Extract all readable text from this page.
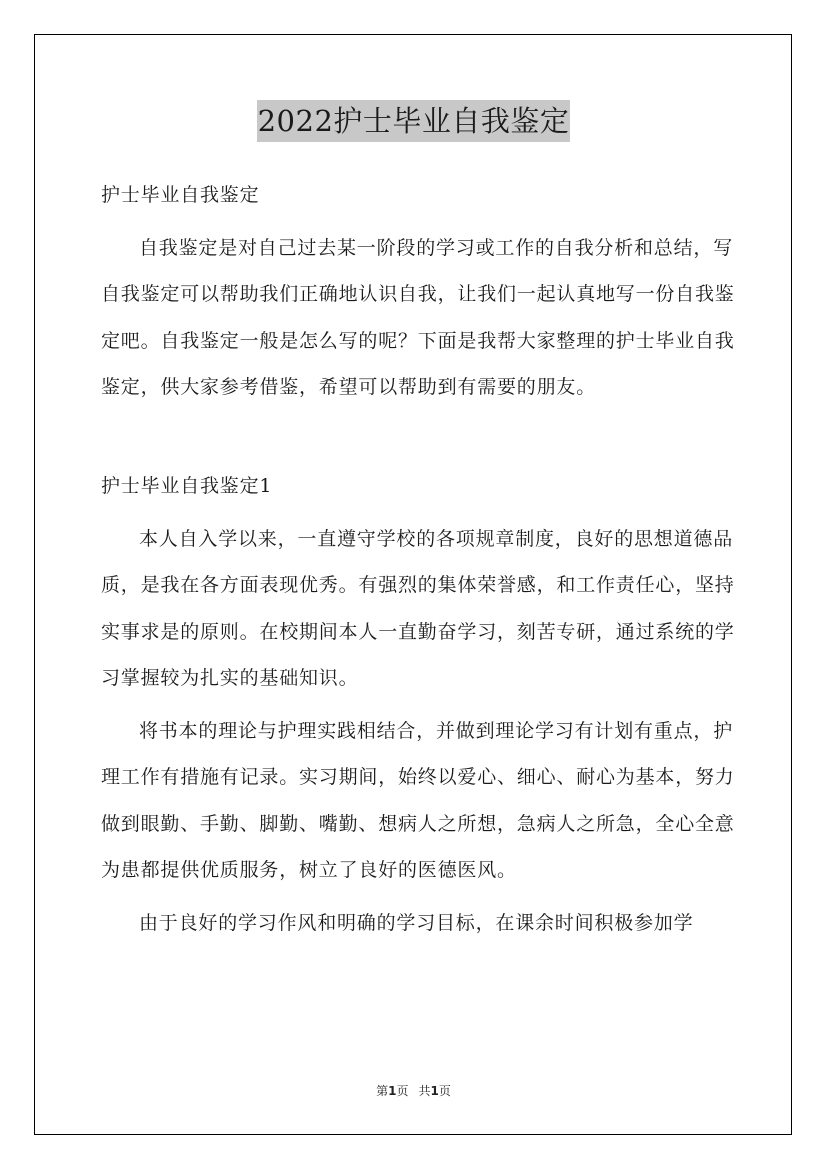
2022护士毕业自我鉴定

护士毕业自我鉴定

自我鉴定是对自己过去某一阶段的学习或工作的自我分析和总结，写自我鉴定可以帮助我们正确地认识自我，让我们一起认真地写一份自我鉴定吧。自我鉴定一般是怎么写的呢？下面是我帮大家整理的护士毕业自我鉴定，供大家参考借鉴，希望可以帮助到有需要的朋友。

护士毕业自我鉴定1

本人自入学以来，一直遵守学校的各项规章制度，良好的思想道德品质，是我在各方面表现优秀。有强烈的集体荣誉感，和工作责任心，坚持实事求是的原则。在校期间本人一直勤奋学习，刻苦专研，通过系统的学习掌握较为扎实的基础知识。

将书本的理论与护理实践相结合，并做到理论学习有计划有重点，护理工作有措施有记录。实习期间，始终以爱心、细心、耐心为基本，努力做到眼勤、手勤、脚勤、嘴勤、想病人之所想，急病人之所急，全心全意为患都提供优质服务，树立了良好的医德医风。

由于良好的学习作风和明确的学习目标，在课余时间积极参加学

第1页 共1页
